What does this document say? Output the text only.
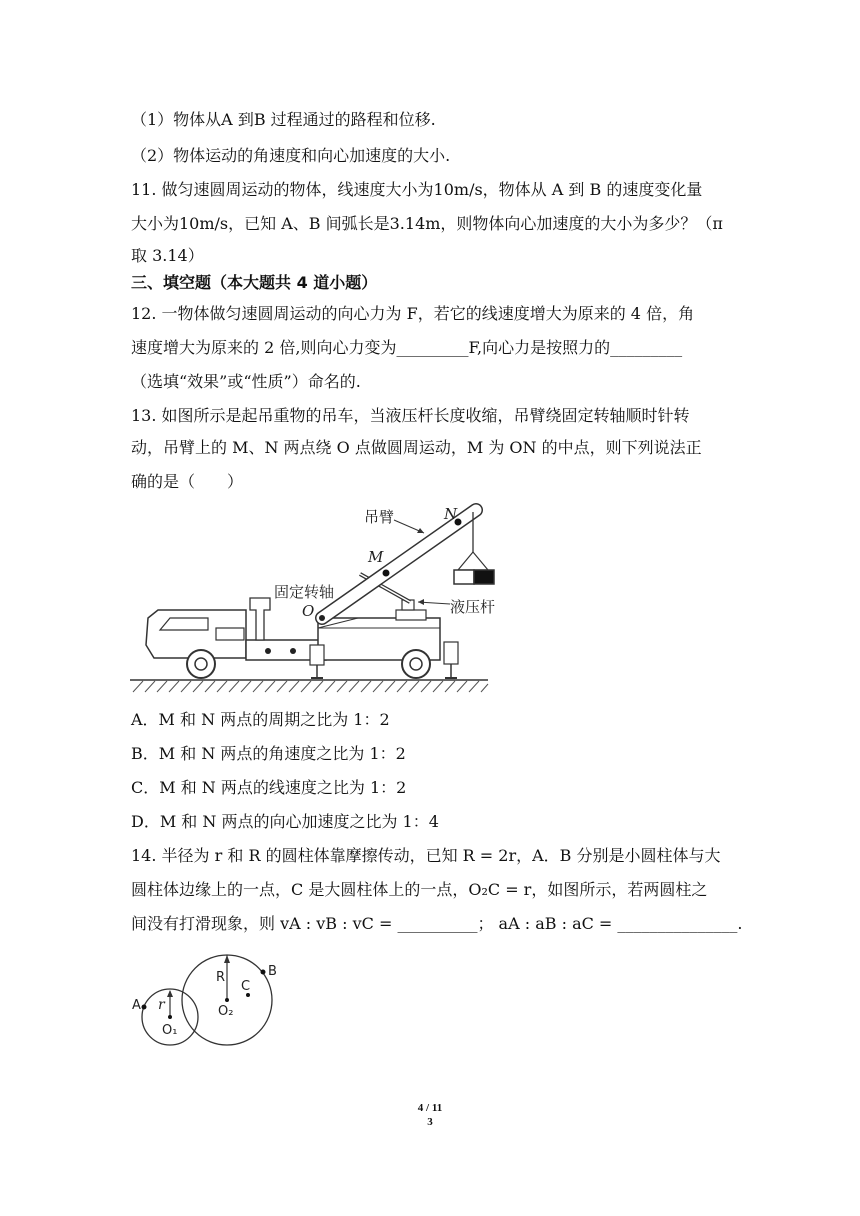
（1）物体从A 到B 过程通过的路程和位移.
（2）物体运动的角速度和向心加速度的大小.
11. 做匀速圆周运动的物体，线速度大小为10m/s，物体从 A 到 B 的速度变化量
大小为10m/s，已知 A、B 间弧长是3.14m，则物体向心加速度的大小为多少？（π
取 3.14）
三、填空题（本大题共 4 道小题）
12. 一物体做匀速圆周运动的向心力为 F，若它的线速度增大为原来的 4 倍，角
速度增大为原来的 2 倍,则向心力变为_________F,向心力是按照力的_________
（选填“效果”或“性质”）命名的.
13. 如图所示是起吊重物的吊车，当液压杆长度收缩，吊臂绕固定转轴顺时针转
动，吊臂上的 M、N 两点绕 O 点做圆周运动，M 为 ON 的中点，则下列说法正
确的是（　　）
吊臂	N
M
固定转轴
O	液压杆
A．M 和 N 两点的周期之比为 1：2
B．M 和 N 两点的角速度之比为 1：2
C．M 和 N 两点的线速度之比为 1：2
D．M 和 N 两点的向心加速度之比为 1：4
14. 半径为 r 和 R 的圆柱体靠摩擦传动，已知 R = 2r，A．B 分别是小圆柱体与大
圆柱体边缘上的一点，C 是大圆柱体上的一点，O₂C = r，如图所示，若两圆柱之
间没有打滑现象，则 vA : vB : vC = __________； aA : aB : aC = _______________.
R	B
A r
C
O₂
O₁
4 / 11
3
